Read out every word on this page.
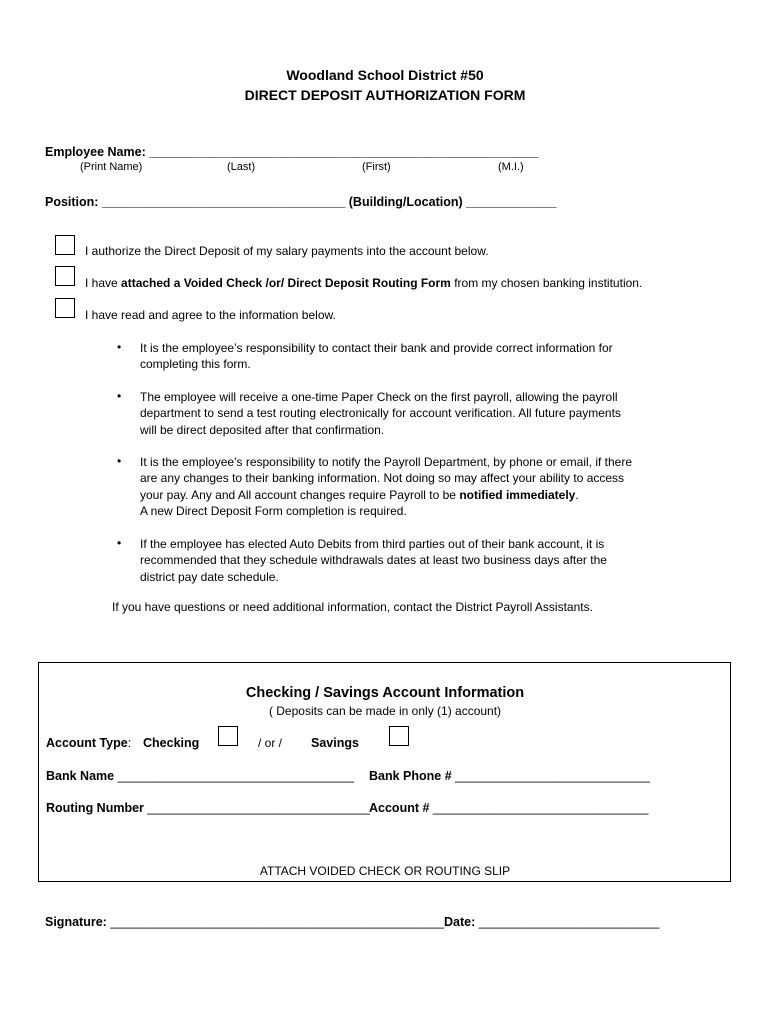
Woodland School District #50
DIRECT DEPOSIT AUTHORIZATION FORM
Employee Name: ________________________________________________________
(Print Name)	(Last)	(First)	(M.I.)
Position: ___________________________________ (Building/Location) _____________
I authorize the Direct Deposit of my salary payments into the account below.
I have attached a Voided Check /or/ Direct Deposit Routing Form from my chosen banking institution.
I have read and agree to the information below.
• It is the employee’s responsibility to contact their bank and provide correct information for
completing this form.
• The employee will receive a one-time Paper Check on the first payroll, allowing the payroll
department to send a test routing electronically for account verification. All future payments
will be direct deposited after that confirmation.
• It is the employee’s responsibility to notify the Payroll Department, by phone or email, if there
are any changes to their banking information. Not doing so may affect your ability to access
your pay. Any and All account changes require Payroll to be notified immediately.
A new Direct Deposit Form completion is required.
• If the employee has elected Auto Debits from third parties out of their bank account, it is
recommended that they schedule withdrawals dates at least two business days after the
district pay date schedule.
If you have questions or need additional information, contact the District Payroll Assistants.
Checking / Savings Account Information
( Deposits can be made in only (1) account)
Account Type: Checking	/ or / Savings
Bank Name __________________________________ Bank Phone # ____________________________
Routing Number ________________________________ Account # _______________________________
ATTACH VOIDED CHECK OR ROUTING SLIP
Signature: ________________________________________________ Date: __________________________
